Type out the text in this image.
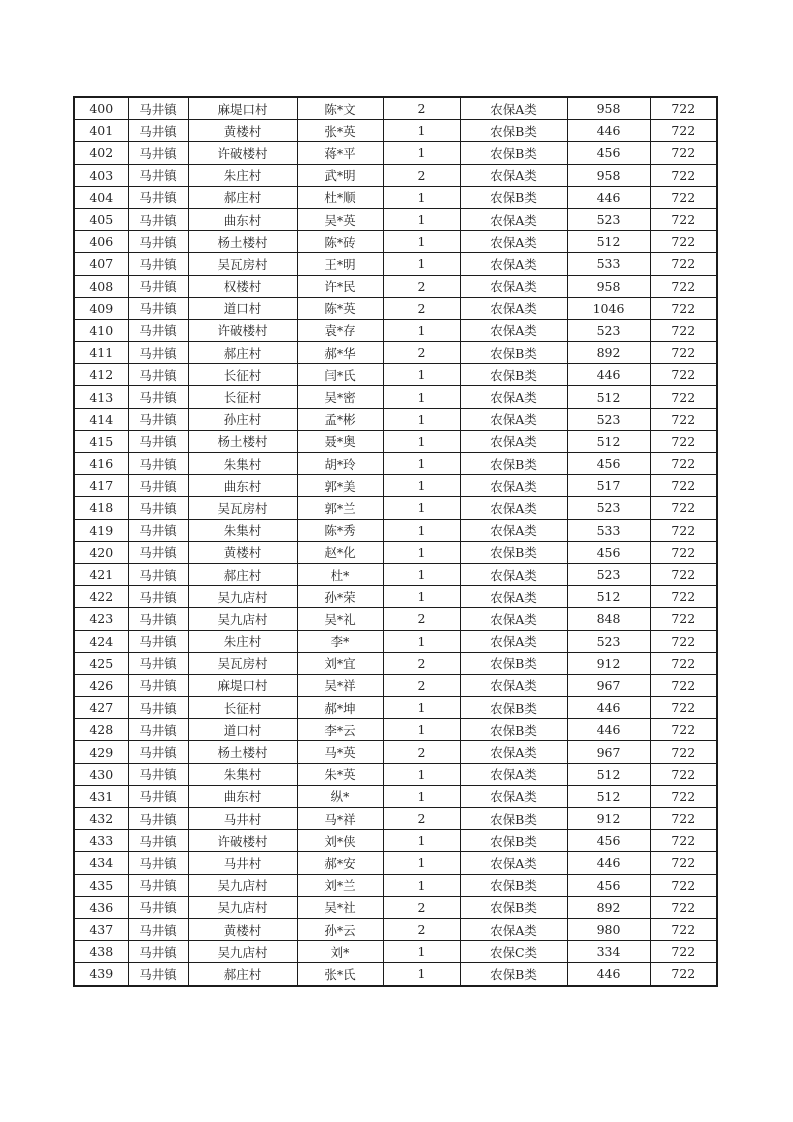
400	马井镇	麻堤口村	陈*文	2	农保A类	958	722
401	马井镇	黄楼村	张*英	1	农保B类	446	722
402	马井镇	许破楼村	蒋*平	1	农保B类	456	722
403	马井镇	朱庄村	武*明	2	农保A类	958	722
404	马井镇	郝庄村	杜*顺	1	农保B类	446	722
405	马井镇	曲东村	吴*英	1	农保A类	523	722
406	马井镇	杨土楼村	陈*砖	1	农保A类	512	722
407	马井镇	吴瓦房村	王*明	1	农保A类	533	722
408	马井镇	权楼村	许*民	2	农保A类	958	722
409	马井镇	道口村	陈*英	2	农保A类	1046	722
410	马井镇	许破楼村	袁*存	1	农保A类	523	722
411	马井镇	郝庄村	郝*华	2	农保B类	892	722
412	马井镇	长征村	闫*氏	1	农保B类	446	722
413	马井镇	长征村	吴*密	1	农保A类	512	722
414	马井镇	孙庄村	孟*彬	1	农保A类	523	722
415	马井镇	杨土楼村	聂*奥	1	农保A类	512	722
416	马井镇	朱集村	胡*玲	1	农保B类	456	722
417	马井镇	曲东村	郭*美	1	农保A类	517	722
418	马井镇	吴瓦房村	郭*兰	1	农保A类	523	722
419	马井镇	朱集村	陈*秀	1	农保A类	533	722
420	马井镇	黄楼村	赵*化	1	农保B类	456	722
421	马井镇	郝庄村	杜*	1	农保A类	523	722
422	马井镇	吴九店村	孙*荣	1	农保A类	512	722
423	马井镇	吴九店村	吴*礼	2	农保A类	848	722
424	马井镇	朱庄村	李*	1	农保A类	523	722
425	马井镇	吴瓦房村	刘*宜	2	农保B类	912	722
426	马井镇	麻堤口村	吴*祥	2	农保A类	967	722
427	马井镇	长征村	郝*坤	1	农保B类	446	722
428	马井镇	道口村	李*云	1	农保B类	446	722
429	马井镇	杨土楼村	马*英	2	农保A类	967	722
430	马井镇	朱集村	朱*英	1	农保A类	512	722
431	马井镇	曲东村	纵*	1	农保A类	512	722
432	马井镇	马井村	马*祥	2	农保B类	912	722
433	马井镇	许破楼村	刘*侠	1	农保B类	456	722
434	马井镇	马井村	郝*安	1	农保A类	446	722
435	马井镇	吴九店村	刘*兰	1	农保B类	456	722
436	马井镇	吴九店村	吴*社	2	农保B类	892	722
437	马井镇	黄楼村	孙*云	2	农保A类	980	722
438	马井镇	吴九店村	刘*	1	农保C类	334	722
439	马井镇	郝庄村	张*氏	1	农保B类	446	722
